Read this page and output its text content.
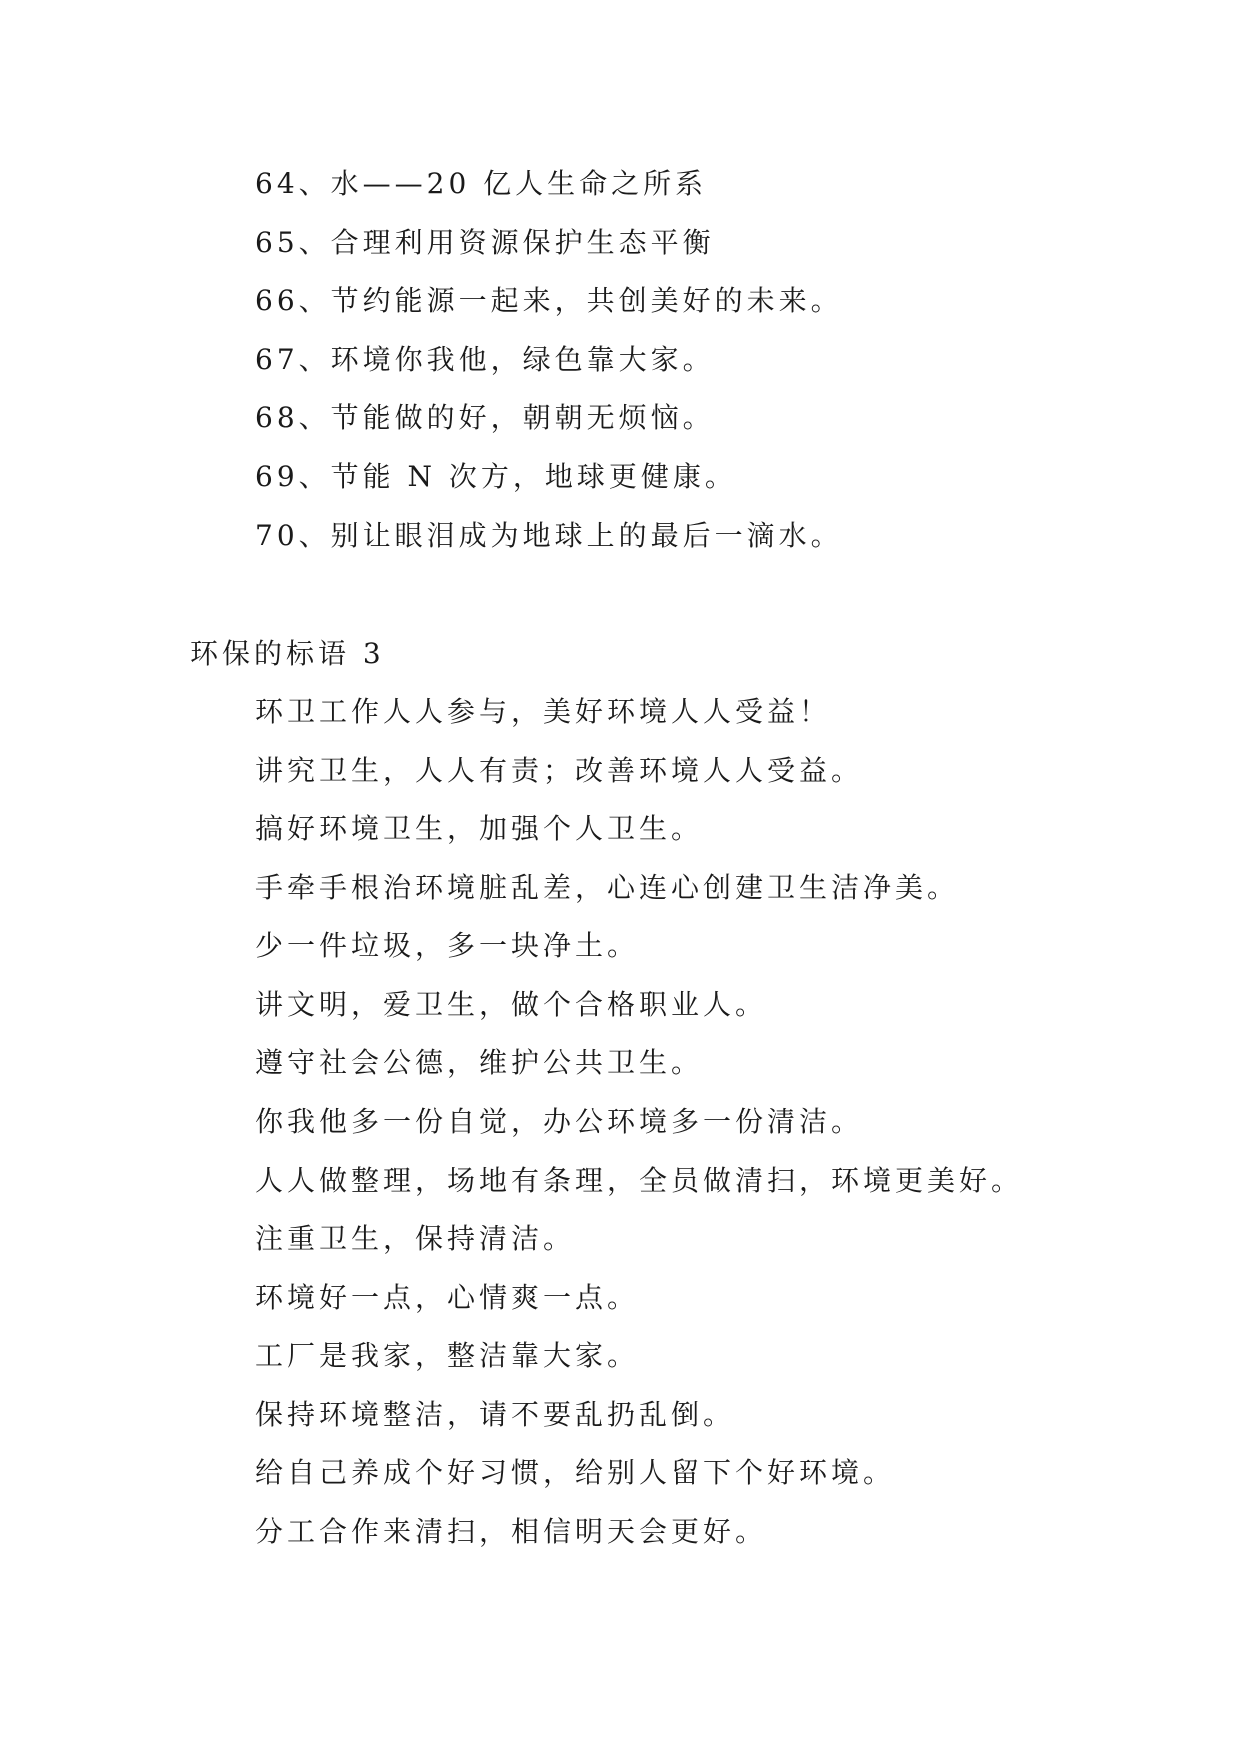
64、水——20 亿人生命之所系
65、合理利用资源保护生态平衡
66、节约能源一起来，共创美好的未来。
67、环境你我他，绿色靠大家。
68、节能做的好，朝朝无烦恼。
69、节能 N 次方，地球更健康。
70、别让眼泪成为地球上的最后一滴水。
环保的标语 3
环卫工作人人参与，美好环境人人受益！
讲究卫生，人人有责；改善环境人人受益。
搞好环境卫生，加强个人卫生。
手牵手根治环境脏乱差，心连心创建卫生洁净美。
少一件垃圾，多一块净土。
讲文明，爱卫生，做个合格职业人。
遵守社会公德，维护公共卫生。
你我他多一份自觉，办公环境多一份清洁。
人人做整理，场地有条理，全员做清扫，环境更美好。
注重卫生，保持清洁。
环境好一点，心情爽一点。
工厂是我家，整洁靠大家。
保持环境整洁，请不要乱扔乱倒。
给自己养成个好习惯，给别人留下个好环境。
分工合作来清扫，相信明天会更好。
